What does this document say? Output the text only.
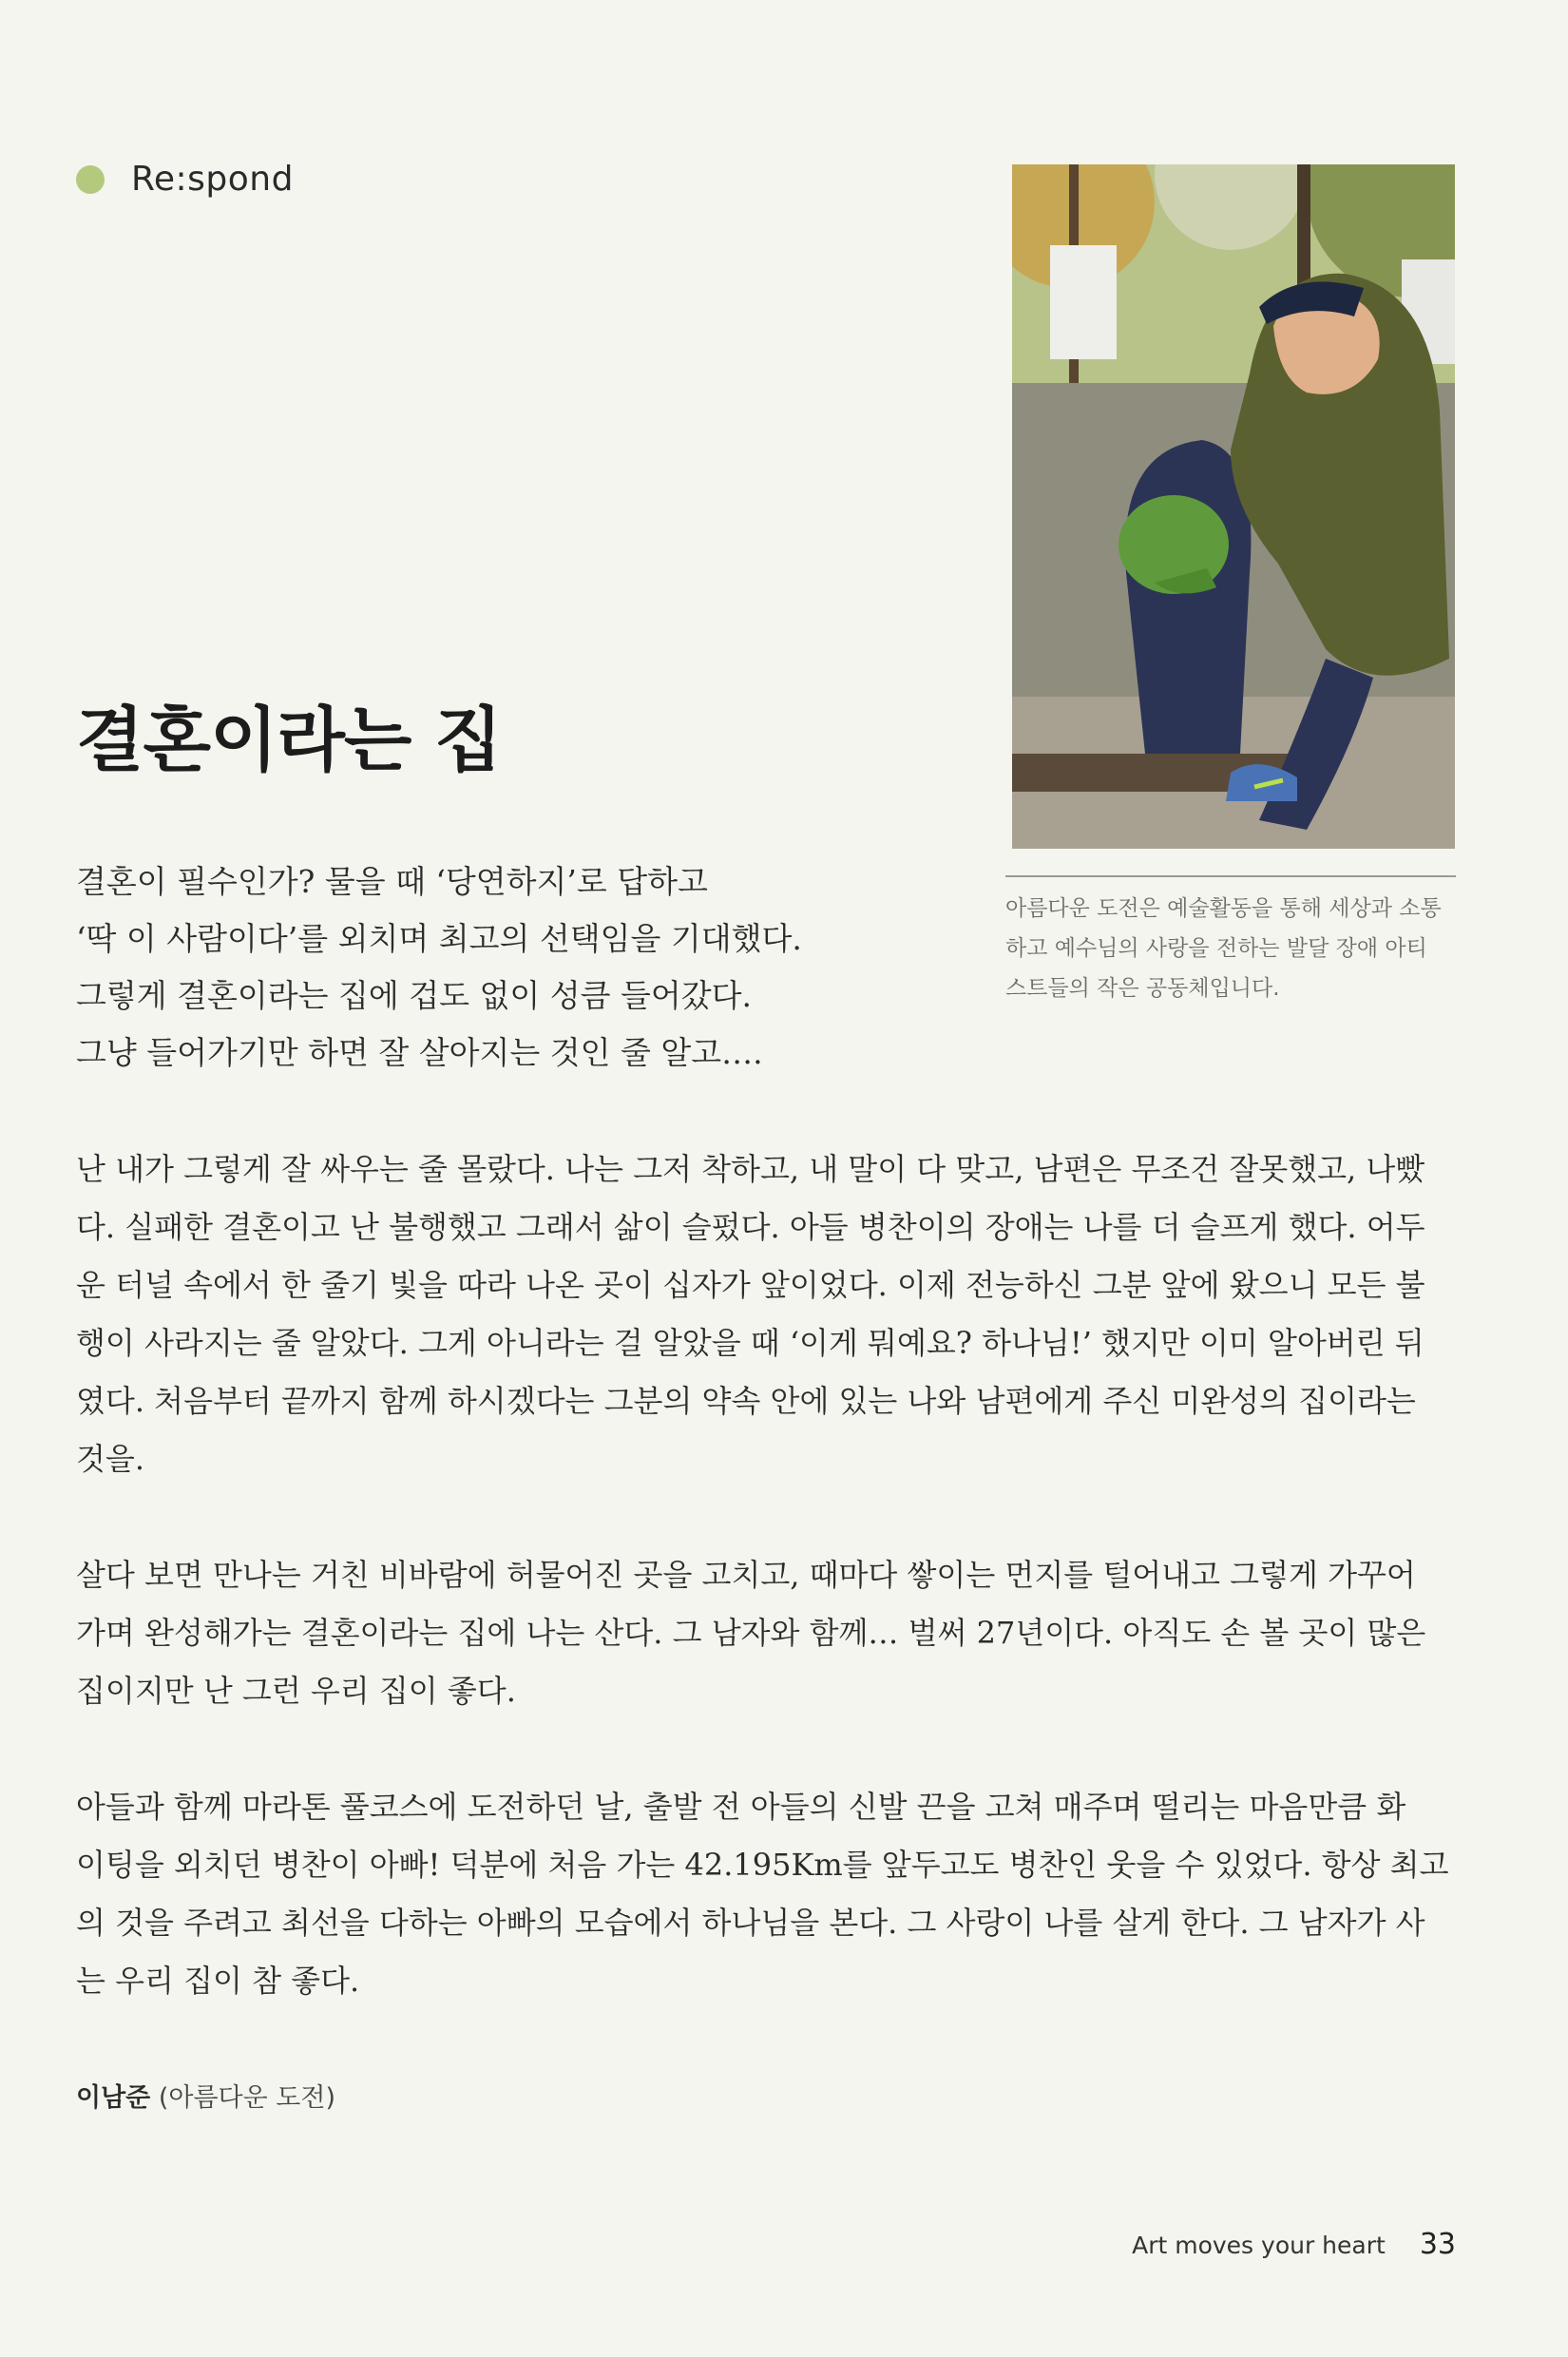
Re:spond
아름다운 도전은 예술활동을 통해 세상과 소통
하고 예수님의 사랑을 전하는 발달 장애 아티
스트들의 작은 공동체입니다.
결혼이라는 집
결혼이 필수인가? 물을 때 ‘당연하지’로 답하고
‘딱 이 사람이다’를 외치며 최고의 선택임을 기대했다.
그렇게 결혼이라는 집에 겁도 없이 성큼 들어갔다.
그냥 들어가기만 하면 잘 살아지는 것인 줄 알고….
난 내가 그렇게 잘 싸우는 줄 몰랐다. 나는 그저 착하고, 내 말이 다 맞고, 남편은 무조건 잘못했고, 나빴
다. 실패한 결혼이고 난 불행했고 그래서 삶이 슬펐다. 아들 병찬이의 장애는 나를 더 슬프게 했다. 어두
운 터널 속에서 한 줄기 빛을 따라 나온 곳이 십자가 앞이었다. 이제 전능하신 그분 앞에 왔으니 모든 불
행이 사라지는 줄 알았다. 그게 아니라는 걸 알았을 때 ‘이게 뭐예요? 하나님!’ 했지만 이미 알아버린 뒤
였다. 처음부터 끝까지 함께 하시겠다는 그분의 약속 안에 있는 나와 남편에게 주신 미완성의 집이라는
것을.
살다 보면 만나는 거친 비바람에 허물어진 곳을 고치고, 때마다 쌓이는 먼지를 털어내고 그렇게 가꾸어
가며 완성해가는 결혼이라는 집에 나는 산다. 그 남자와 함께… 벌써 27년이다. 아직도 손 볼 곳이 많은
집이지만 난 그런 우리 집이 좋다.
아들과 함께 마라톤 풀코스에 도전하던 날, 출발 전 아들의 신발 끈을 고쳐 매주며 떨리는 마음만큼 화
이팅을 외치던 병찬이 아빠! 덕분에 처음 가는 42.195Km를 앞두고도 병찬인 웃을 수 있었다. 항상 최고
의 것을 주려고 최선을 다하는 아빠의 모습에서 하나님을 본다. 그 사랑이 나를 살게 한다. 그 남자가 사
는 우리 집이 참 좋다.
이남준 (아름다운 도전)
Art moves your heart 33
